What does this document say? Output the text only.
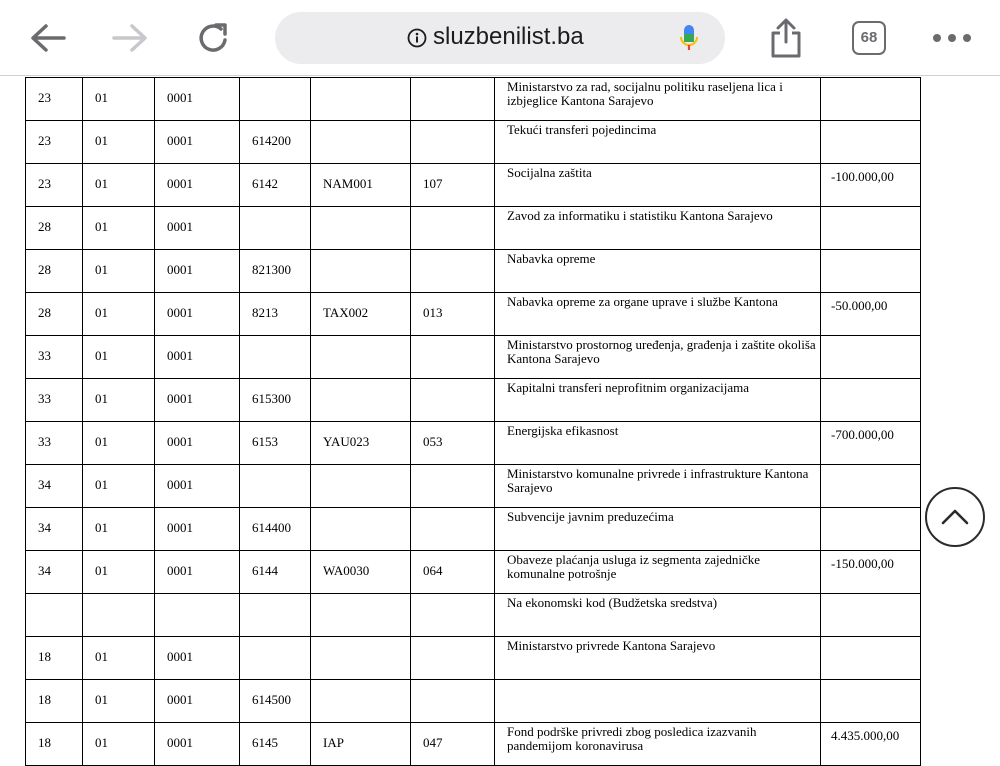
sluzbenilist.ba	68
23	01	0001				Ministarstvo za rad, socijalnu politiku raseljena lica i izbjeglice Kantona Sarajevo	
23	01	0001	614200			Tekući transferi pojedincima	
23	01	0001	6142	NAM001	107	Socijalna zaštita	-100.000,00
28	01	0001				Zavod za informatiku i statistiku Kantona Sarajevo	
28	01	0001	821300			Nabavka opreme	
28	01	0001	8213	TAX002	013	Nabavka opreme za organe uprave i službe Kantona	-50.000,00
33	01	0001				Ministarstvo prostornog uređenja, građenja i zaštite okoliša Kantona Sarajevo	
33	01	0001	615300			Kapitalni transferi neprofitnim organizacijama	
33	01	0001	6153	YAU023	053	Energijska efikasnost	-700.000,00
34	01	0001				Ministarstvo komunalne privrede i infrastrukture Kantona Sarajevo	
34	01	0001	614400			Subvencije javnim preduzećima	
34	01	0001	6144	WA0030	064	Obaveze plaćanja usluga iz segmenta zajedničke komunalne potrošnje	-150.000,00
						Na ekonomski kod (Budžetska sredstva)	
18	01	0001				Ministarstvo privrede Kantona Sarajevo	
18	01	0001	614500				
18	01	0001	6145	IAP	047	Fond podrške privredi zbog posledica izazvanih pandemijom koronavirusa	4.435.000,00
